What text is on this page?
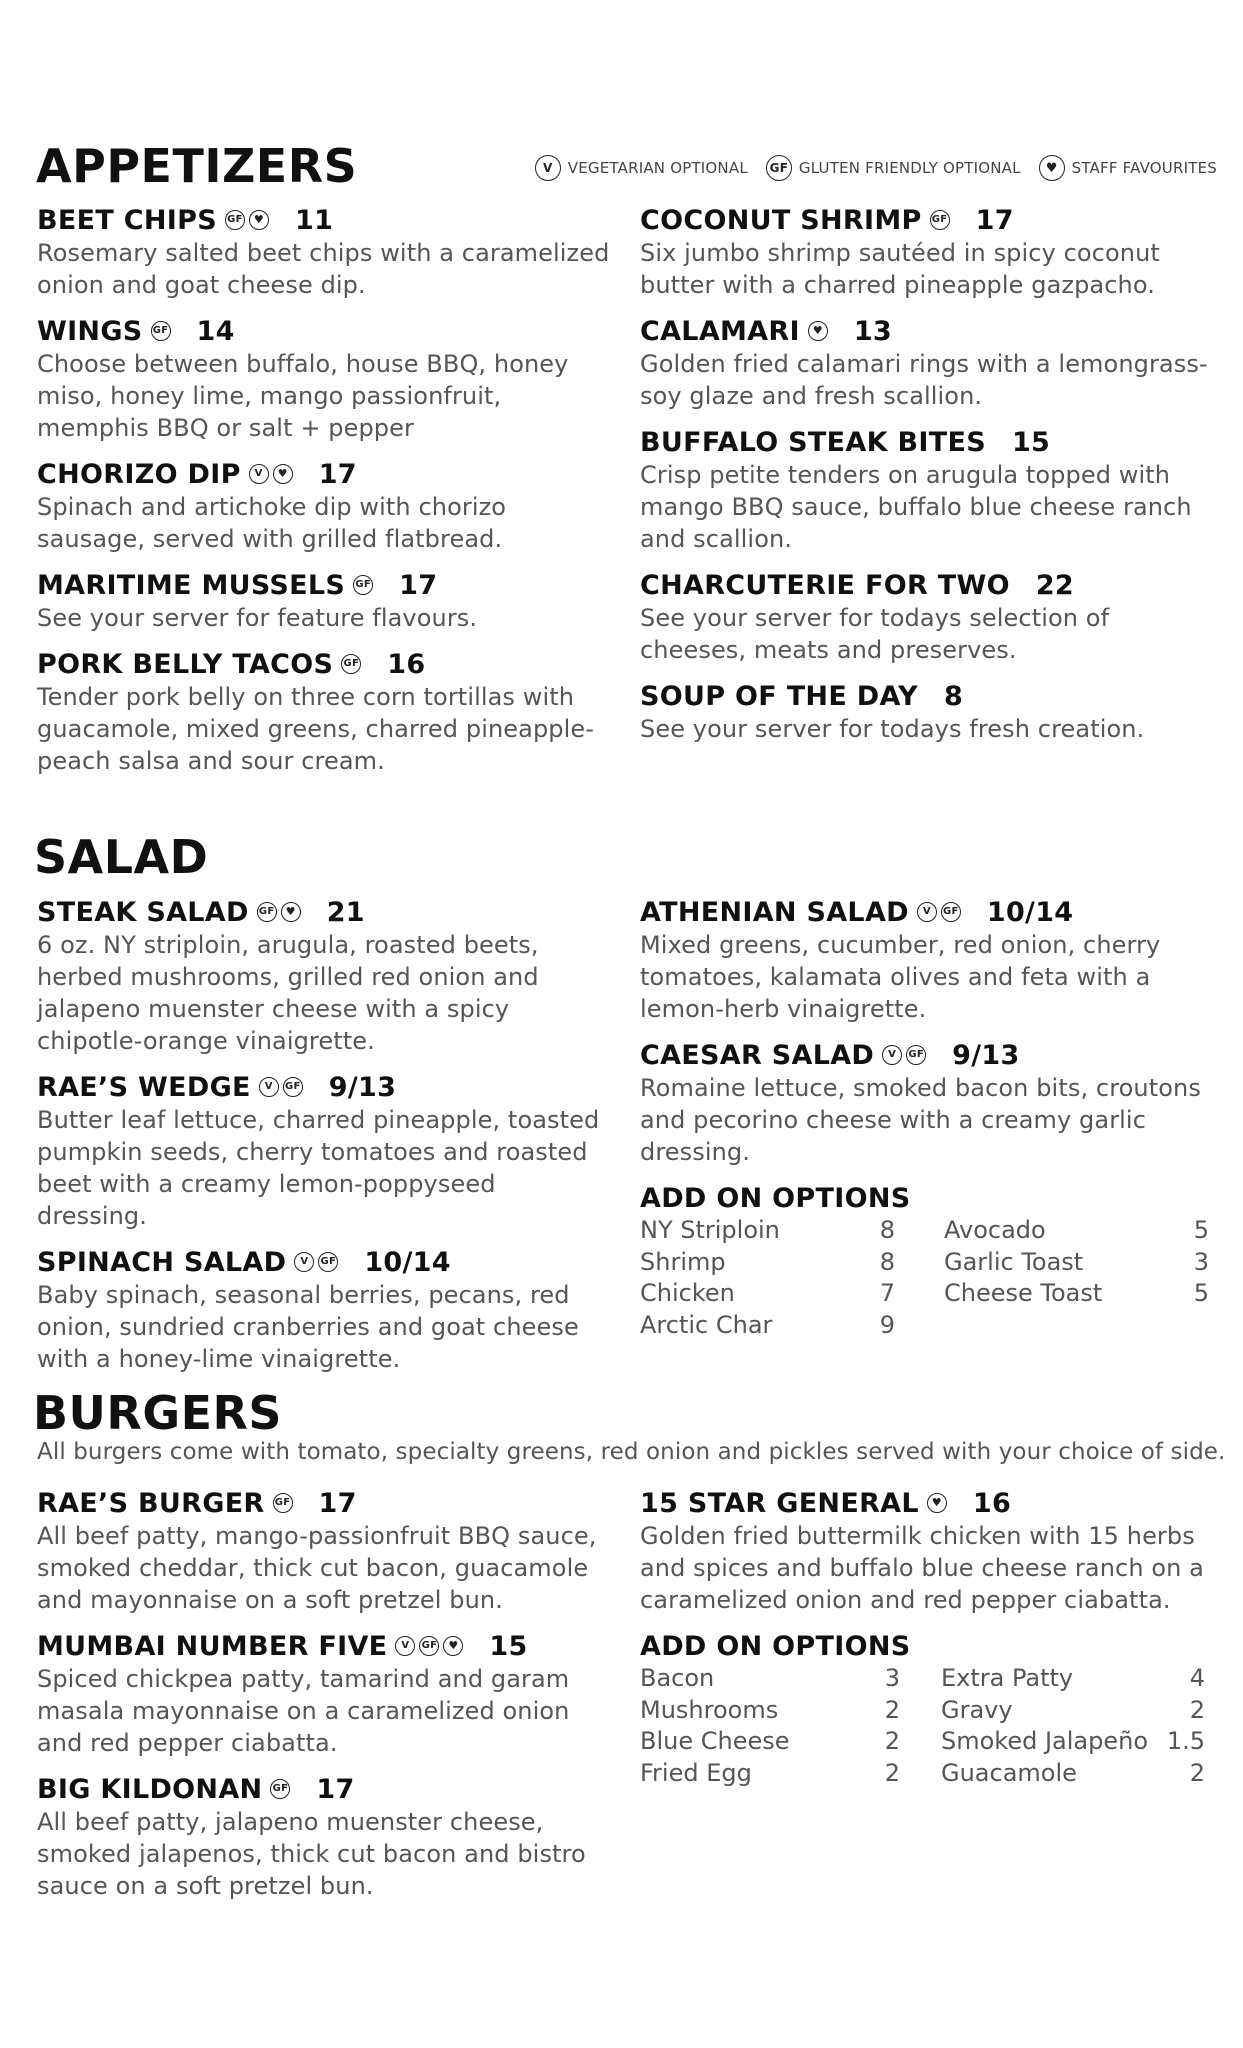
APPETIZERS	V	VEGETARIAN OPTIONAL	GF GLUTEN FRIENDLY OPTIONAL	♥ STAFF FAVOURITES
BEET CHIPS GF	♥ 11
Rosemary salted beet chips with a caramelized onion and goat cheese dip.
WINGS GF 14
Choose between buffalo, house BBQ, honey miso, honey lime, mango passionfruit, memphis BBQ or salt + pepper
CHORIZO DIP	V	♥ 17
Spinach and artichoke dip with chorizo sausage, served with grilled flatbread.
MARITIME MUSSELS GF 17
See your server for feature flavours.
PORK BELLY TACOS GF 16
Tender pork belly on three corn tortillas with guacamole, mixed greens, charred pineapple-peach salsa and sour cream.
COCONUT SHRIMP GF 17
Six jumbo shrimp sautéed in spicy coconut butter with a charred pineapple gazpacho.
CALAMARI	♥ 13
Golden fried calamari rings with a lemongrass-soy glaze and fresh scallion.
BUFFALO STEAK BITES 15
Crisp petite tenders on arugula topped with mango BBQ sauce, buffalo blue cheese ranch and scallion.
CHARCUTERIE FOR TWO 22
See your server for todays selection of cheeses, meats and preserves.
SOUP OF THE DAY 8
See your server for todays fresh creation.
SALAD
STEAK SALAD GF	♥ 21
6 oz. NY striploin, arugula, roasted beets, herbed mushrooms, grilled red onion and jalapeno muenster cheese with a spicy chipotle-orange vinaigrette.
RAE’S WEDGE	V	GF 9/13
Butter leaf lettuce, charred pineapple, toasted pumpkin seeds, cherry tomatoes and roasted beet with a creamy lemon-poppyseed dressing.
SPINACH SALAD	V	GF 10/14
Baby spinach, seasonal berries, pecans, red onion, sundried cranberries and goat cheese with a honey-lime vinaigrette.
ATHENIAN SALAD	V	GF 10/14
Mixed greens, cucumber, red onion, cherry tomatoes, kalamata olives and feta with a lemon-herb vinaigrette.
CAESAR SALAD	V	GF 9/13
Romaine lettuce, smoked bacon bits, croutons and pecorino cheese with a creamy garlic dressing.
ADD ON OPTIONS
NY Striploin	8
Shrimp	8
Chicken	7
Arctic Char	9
Avocado	5
Garlic Toast	3
Cheese Toast	5
BURGERS
All burgers come with tomato, specialty greens, red onion and pickles served with your choice of side.
RAE’S BURGER GF 17
All beef patty, mango-passionfruit BBQ sauce, smoked cheddar, thick cut bacon, guacamole and mayonnaise on a soft pretzel bun.
MUMBAI NUMBER FIVE	V	GF	♥ 15
Spiced chickpea patty, tamarind and garam masala mayonnaise on a caramelized onion and red pepper ciabatta.
BIG KILDONAN GF 17
All beef patty, jalapeno muenster cheese, smoked jalapenos, thick cut bacon and bistro sauce on a soft pretzel bun.
15 STAR GENERAL	♥ 16
Golden fried buttermilk chicken with 15 herbs and spices and buffalo blue cheese ranch on a caramelized onion and red pepper ciabatta.
ADD ON OPTIONS
Bacon	3
Mushrooms	2
Blue Cheese	2
Fried Egg	2
Extra Patty	4
Gravy	2
Smoked Jalapeño 1.5
Guacamole	2
